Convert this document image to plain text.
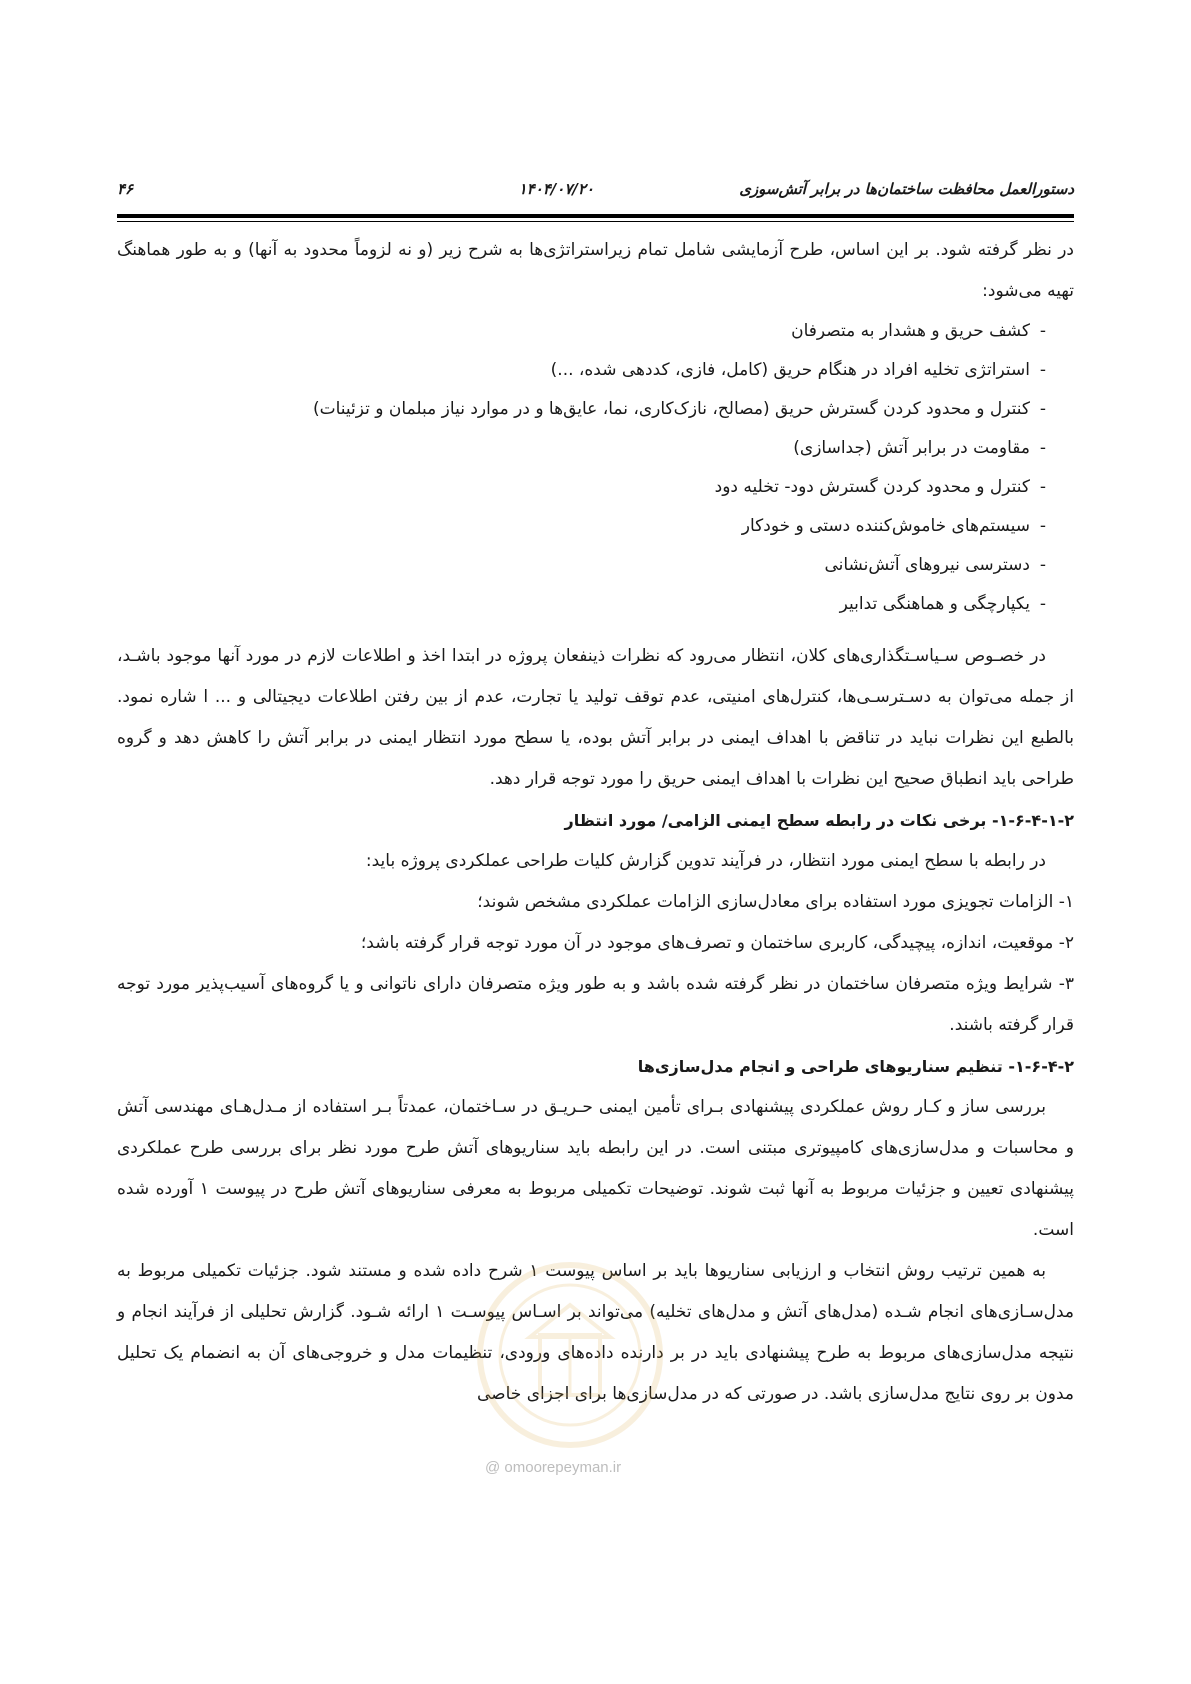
دستورالعمل محافظت ساختمان‌ها در برابر آتش‌سوزی
۱۴۰۴/۰۷/۲۰
۴۶

در نظر گرفته شود. بر این اساس، طرح آزمایشی شامل تمام زیراستراتژی‌ها به شرح زیر (و نه لزوماً محدود به آنها) و به طور هماهنگ تهیه می‌شود:

-کشف حریق و هشدار به متصرفان
-استراتژی تخلیه افراد در هنگام حریق (کامل، فازی، کددهی شده، ...)
-کنترل و محدود کردن گسترش حریق (مصالح، نازک‌کاری، نما، عایق‌ها و در موارد نیاز مبلمان و تزئینات)
-مقاومت در برابر آتش (جداسازی)
-کنترل و محدود کردن گسترش دود- تخلیه دود
-سیستم‌های خاموش‌کننده دستی و خودکار
-دسترسی نیروهای آتش‌نشانی
-یکپارچگی و هماهنگی تدابیر

در خصـوص سـیاسـتگذاری‌های کلان، انتظار می‌رود که نظرات ذینفعان پروژه در ابتدا اخذ و اطلاعات لازم در مورد آنها موجود باشـد، از جمله می‌توان به دسـترسـی‌ها، کنترل‌های امنیتی، عدم توقف تولید یا تجارت، عدم از بین رفتن اطلاعات دیجیتالی و ... ا شاره نمود. بالطبع این نظرات نباید در تناقض با اهداف ایمنی در برابر آتش بوده، یا سطح مورد انتظار ایمنی در برابر آتش را کاهش دهد و گروه طراحی باید انطباق صحیح این نظرات با اهداف ایمنی حریق را مورد توجه قرار دهد.

۱-۶-۴-۱-۲- برخی نکات در رابطه سطح ایمنی الزامی/ مورد انتظار

در رابطه با سطح ایمنی مورد انتظار، در فرآیند تدوین گزارش کلیات طراحی عملکردی پروژه باید:

۱- الزامات تجویزی مورد استفاده برای معادل‌سازی الزامات عملکردی مشخص شوند؛

۲- موقعیت، اندازه، پیچیدگی، کاربری ساختمان و تصرف‌های موجود در آن مورد توجه قرار گرفته باشد؛

۳- شرایط ویژه متصرفان ساختمان در نظر گرفته شده باشد و به طور ویژه متصرفان دارای ناتوانی و یا گروه‌های آسیب‌پذیر مورد توجه قرار گرفته باشند.

۱-۶-۴-۲- تنظیم سناریوهای طراحی و انجام مدل‌سازی‌ها

بررسی ساز و کـار روش عملکردی پیشنهادی بـرای تأمین ایمنی حـریـق در سـاختمان، عمدتاً بـر استفاده از مـدل‌هـای مهندسی آتش و محاسبات و مدل‌سازی‌های کامپیوتری مبتنی است. در این رابطه باید سناریوهای آتش طرح مورد نظر برای بررسی طرح عملکردی پیشنهادی تعیین و جزئیات مربوط به آنها ثبت شوند. توضیحات تکمیلی مربوط به معرفی سناریوهای آتش طرح در پیوست ۱ آورده شده است.

به همین ترتیب روش انتخاب و ارزیابی سناریوها باید بر اساس پیوست ۱ شرح داده شده و مستند شود. جزئیات تکمیلی مربوط به مدل‌سـازی‌های انجام شـده (مدل‌های آتش و مدل‌های تخلیه) می‌تواند بر اسـاس پیوسـت ۱ ارائه شـود. گزارش تحلیلی از فرآیند انجام و نتیجه مدل‌سازی‌های مربوط به طرح پیشنهادی باید در بر دارنده داده‌های ورودی، تنظیمات مدل و خروجی‌های آن به انضمام یک تحلیل مدون بر روی نتایج مدل‌سازی باشد. در صورتی که در مدل‌سازی‌ها برای اجزای خاصی

@ omoorepeyman.ir
